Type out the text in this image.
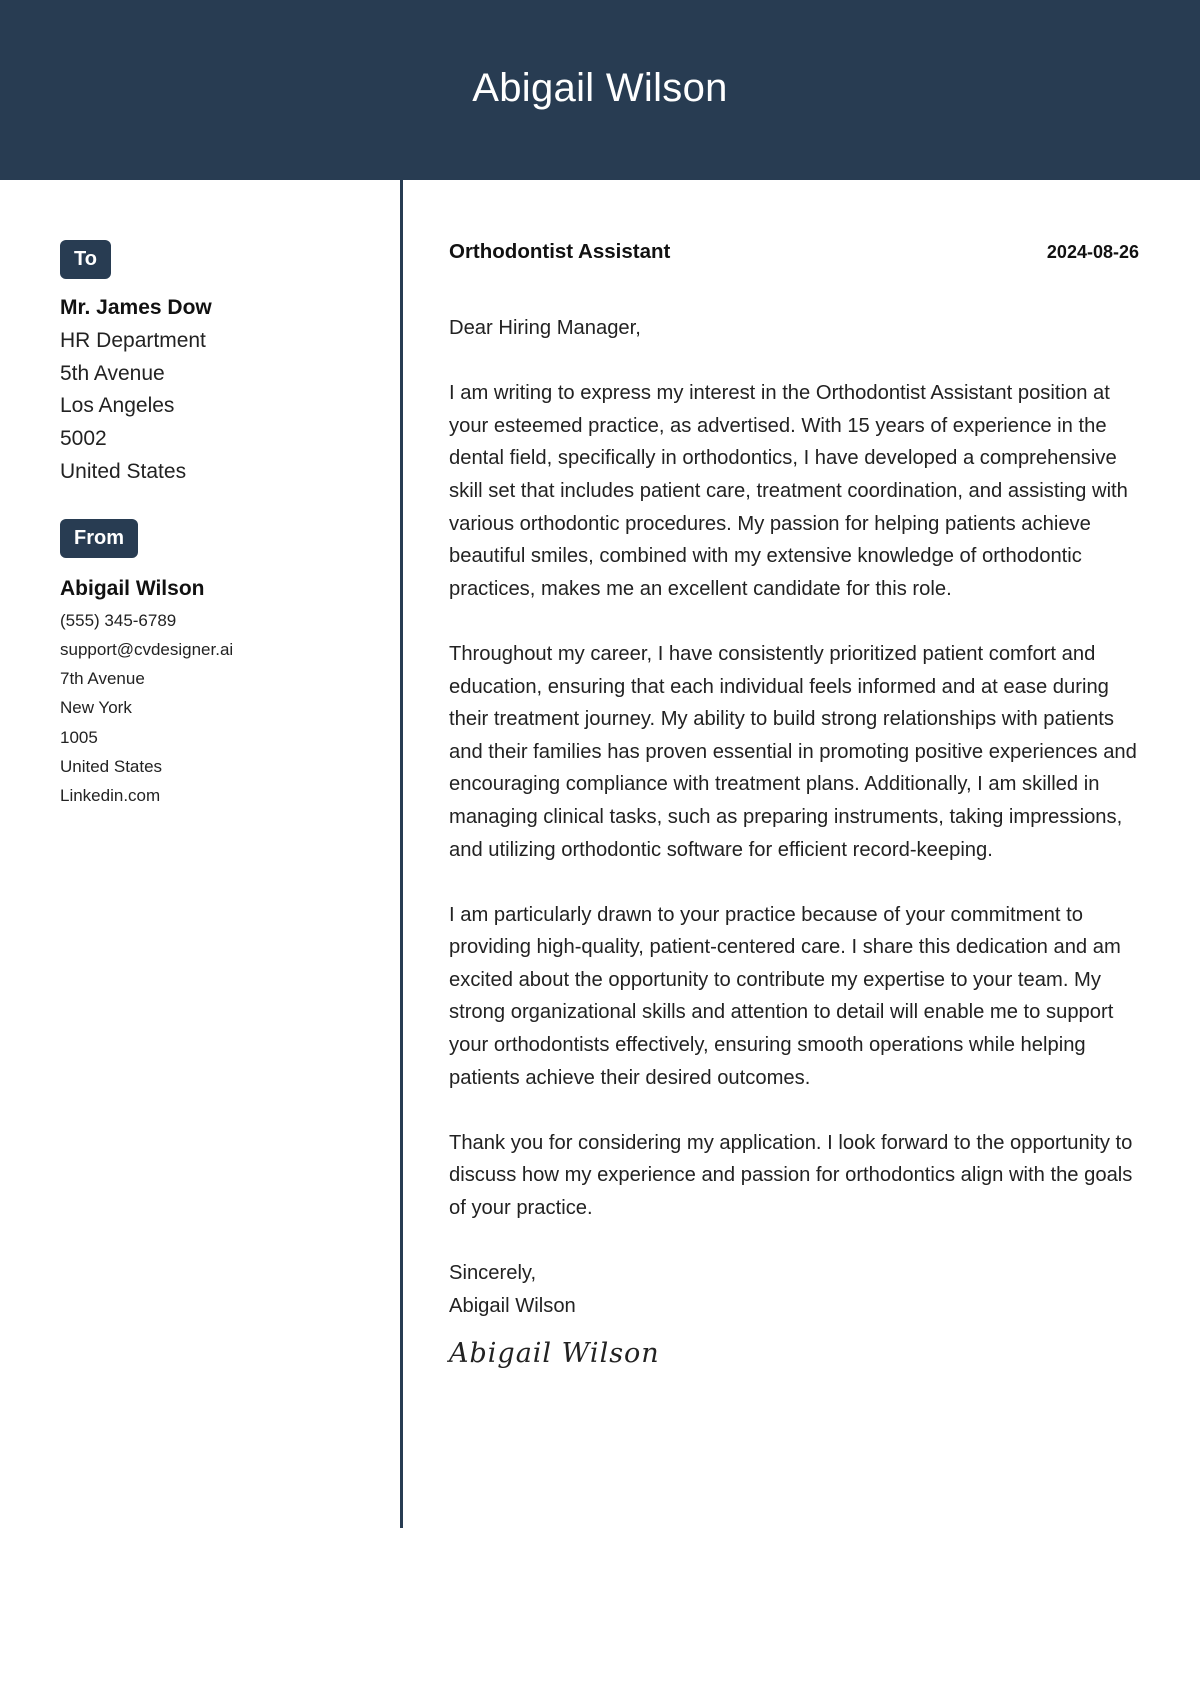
Abigail Wilson
To
Mr. James Dow
HR Department
5th Avenue
Los Angeles
5002
United States
From
Abigail Wilson
(555) 345-6789
support@cvdesigner.ai
7th Avenue
New York
1005
United States
Linkedin.com
Orthodontist Assistant	2024-08-26

Dear Hiring Manager,

I am writing to express my interest in the Orthodontist Assistant position at your esteemed practice, as advertised. With 15 years of experience in the dental field, specifically in orthodontics, I have developed a comprehensive skill set that includes patient care, treatment coordination, and assisting with various orthodontic procedures. My passion for helping patients achieve beautiful smiles, combined with my extensive knowledge of orthodontic practices, makes me an excellent candidate for this role.

Throughout my career, I have consistently prioritized patient comfort and education, ensuring that each individual feels informed and at ease during their treatment journey. My ability to build strong relationships with patients and their families has proven essential in promoting positive experiences and encouraging compliance with treatment plans. Additionally, I am skilled in managing clinical tasks, such as preparing instruments, taking impressions, and utilizing orthodontic software for efficient record-keeping.

I am particularly drawn to your practice because of your commitment to providing high-quality, patient-centered care. I share this dedication and am excited about the opportunity to contribute my expertise to your team. My strong organizational skills and attention to detail will enable me to support your orthodontists effectively, ensuring smooth operations while helping patients achieve their desired outcomes.

Thank you for considering my application. I look forward to the opportunity to discuss how my experience and passion for orthodontics align with the goals of your practice.

Sincerely,

Abigail Wilson

Abigail Wilson
